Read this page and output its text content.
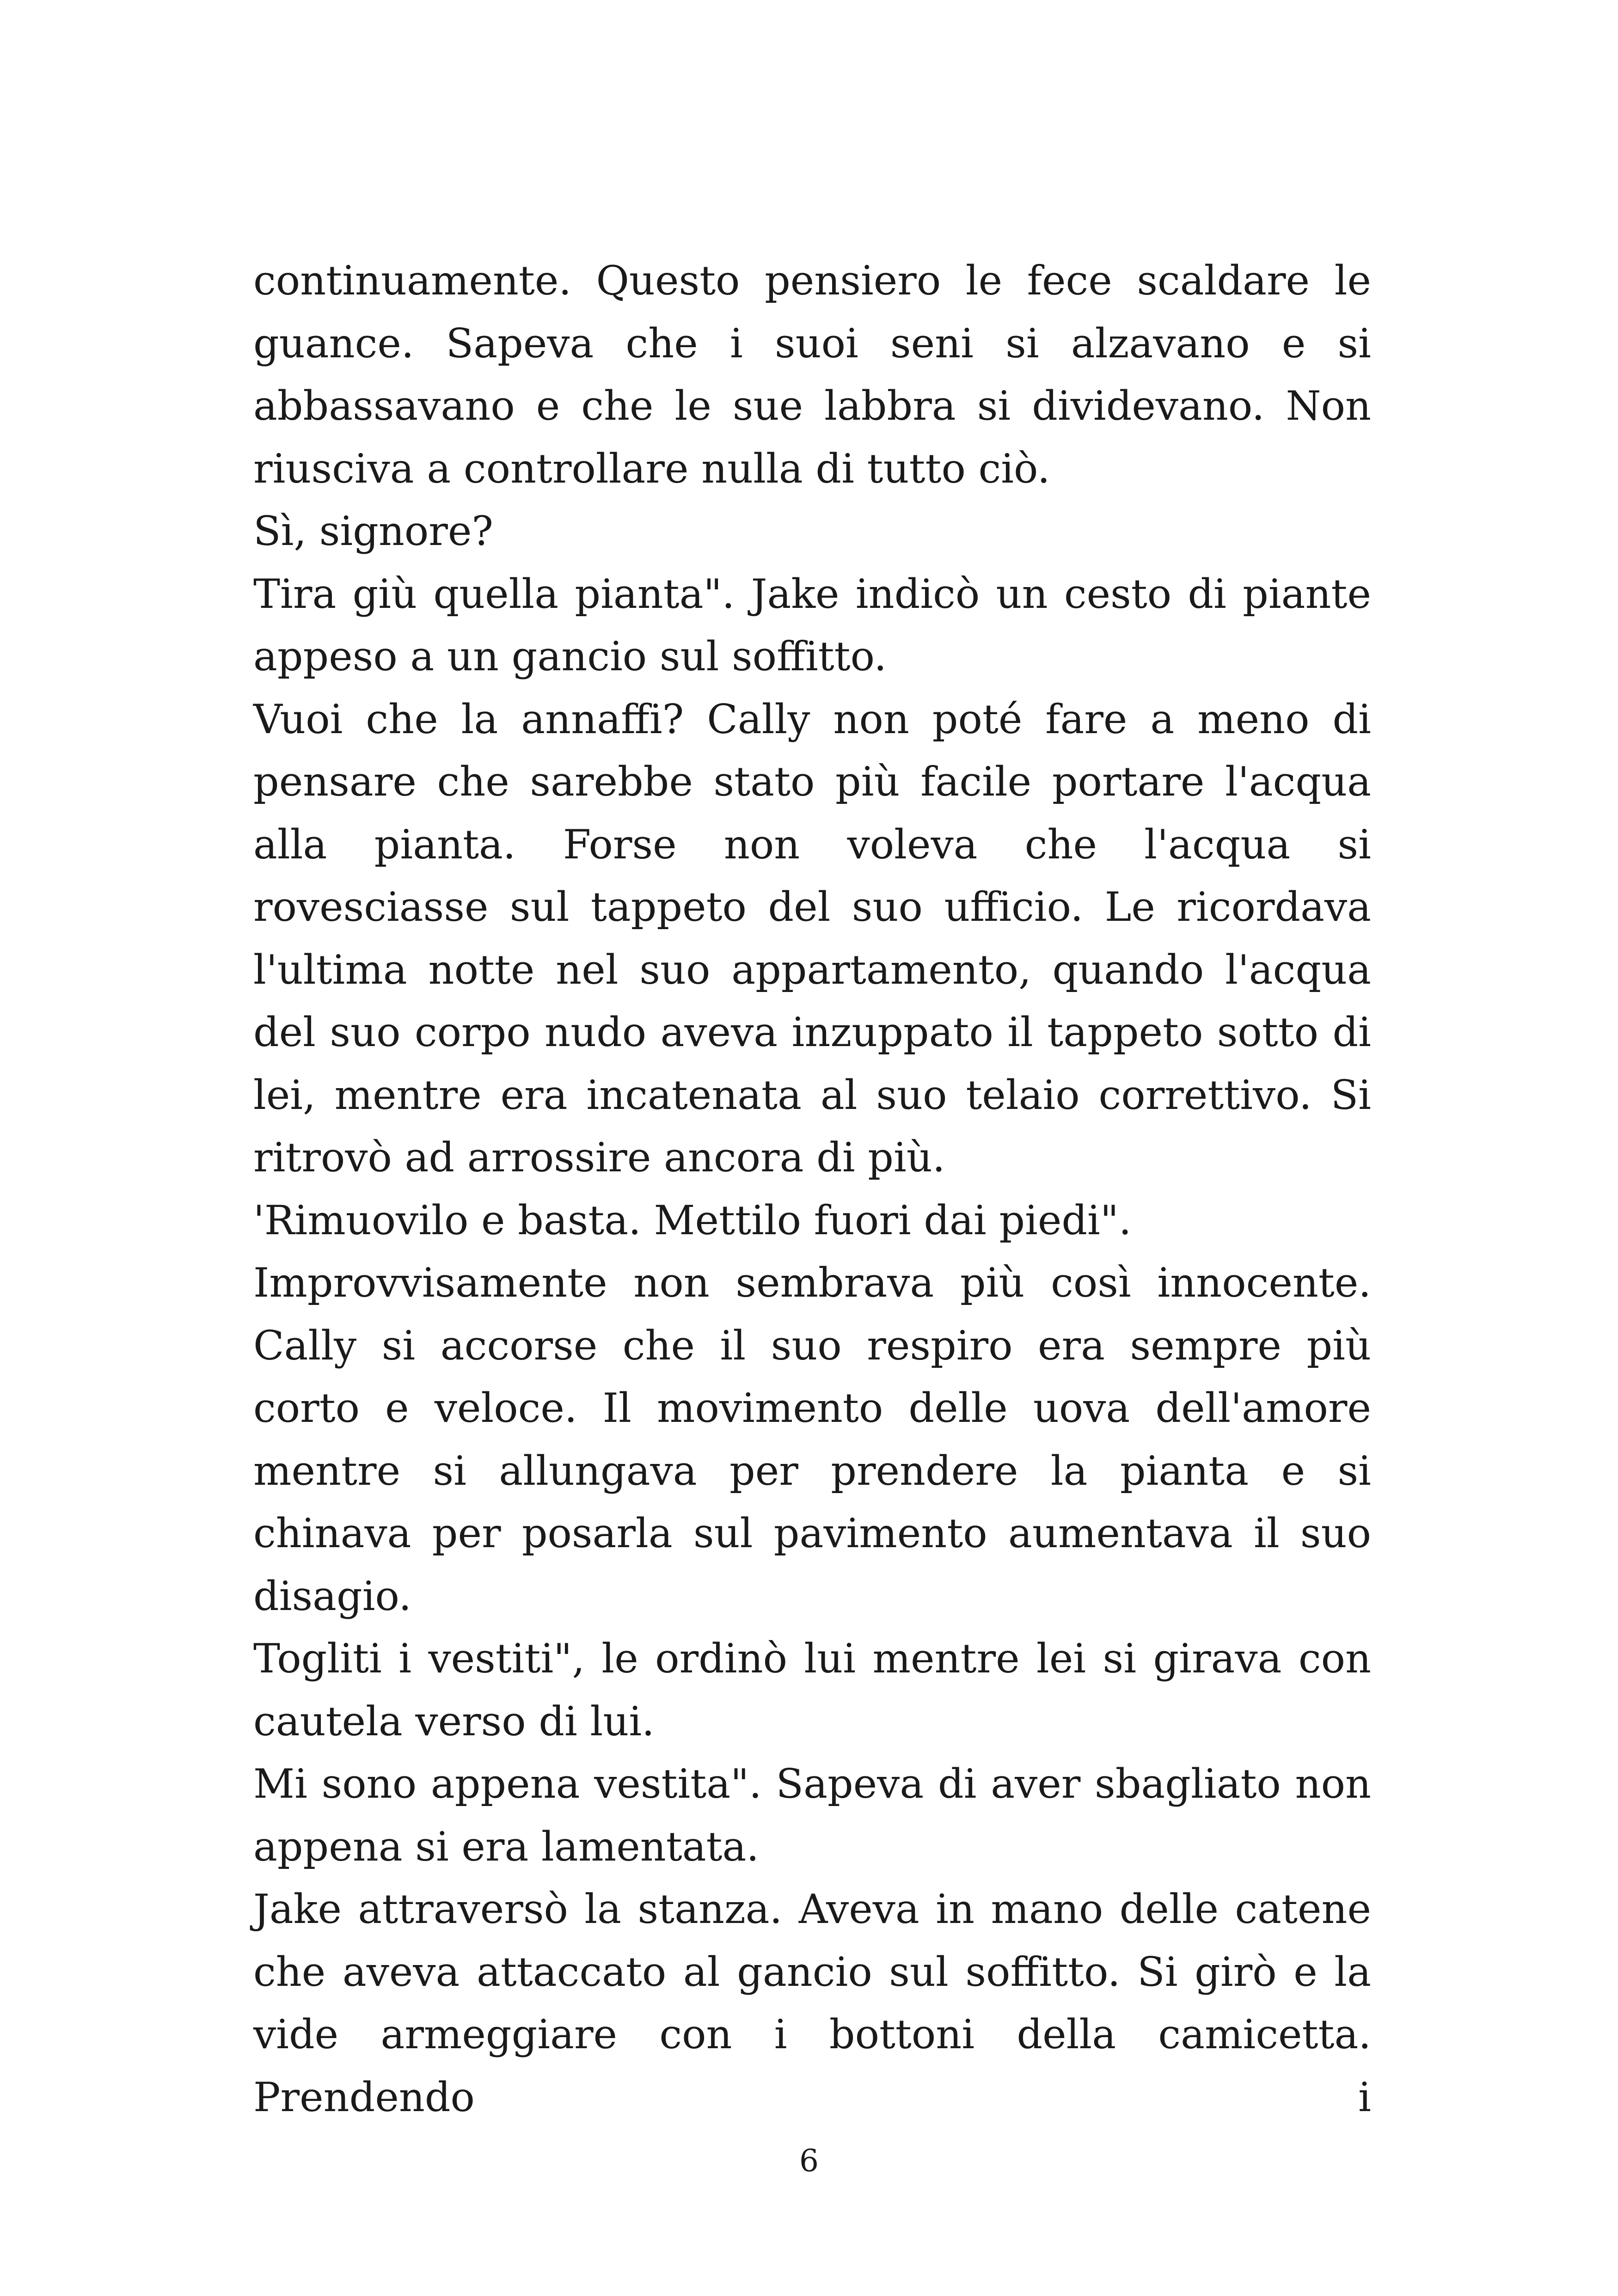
continuamente. Questo pensiero le fece scaldare le guance. Sapeva che i suoi seni si alzavano e si abbassavano e che le sue labbra si dividevano. Non riusciva a controllare nulla di tutto ciò.

Sì, signore?

Tira giù quella pianta". Jake indicò un cesto di piante appeso a un gancio sul soffitto.

Vuoi che la annaffi? Cally non poté fare a meno di pensare che sarebbe stato più facile portare l'acqua alla pianta. Forse non voleva che l'acqua si rovesciasse sul tappeto del suo ufficio. Le ricordava l'ultima notte nel suo appartamento, quando l'acqua del suo corpo nudo aveva inzuppato il tappeto sotto di lei, mentre era incatenata al suo telaio correttivo. Si ritrovò ad arrossire ancora di più.

'Rimuovilo e basta. Mettilo fuori dai piedi".

Improvvisamente non sembrava più così innocente. Cally si accorse che il suo respiro era sempre più corto e veloce. Il movimento delle uova dell'amore mentre si allungava per prendere la pianta e si chinava per posarla sul pavimento aumentava il suo disagio.

Togliti i vestiti", le ordinò lui mentre lei si girava con cautela verso di lui.

Mi sono appena vestita". Sapeva di aver sbagliato non appena si era lamentata.

Jake attraversò la stanza. Aveva in mano delle catene che aveva attaccato al gancio sul soffitto. Si girò e la vide armeggiare con i bottoni della camicetta. Prendendo i

6
